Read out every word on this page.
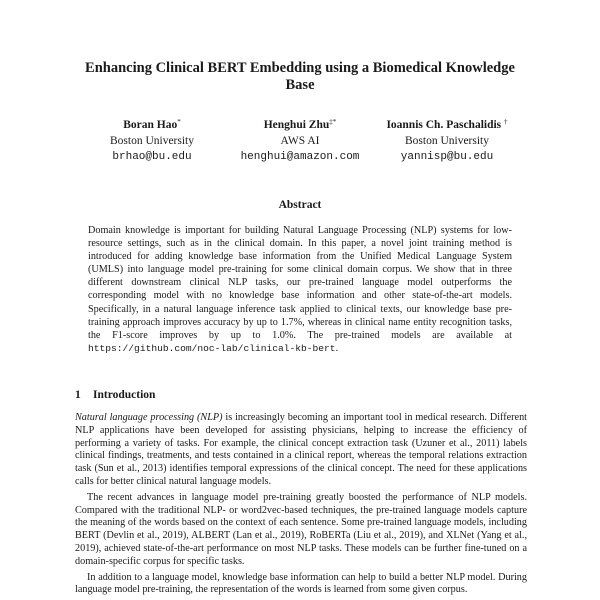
Enhancing Clinical BERT Embedding using a Biomedical Knowledge Base
Boran Hao*
Boston University
brhao@bu.edu
Henghui Zhu‡*
AWS AI
henghui@amazon.com
Ioannis Ch. Paschalidis †
Boston University
yannisp@bu.edu
Abstract
Domain knowledge is important for building Natural Language Processing (NLP) systems for low-resource settings, such as in the clinical domain. In this paper, a novel joint training method is introduced for adding knowledge base information from the Unified Medical Language System (UMLS) into language model pre-training for some clinical domain corpus. We show that in three different downstream clinical NLP tasks, our pre-trained language model outperforms the corresponding model with no knowledge base information and other state-of-the-art models. Specifically, in a natural language inference task applied to clinical texts, our knowledge base pre-training approach improves accuracy by up to 1.7%, whereas in clinical name entity recognition tasks, the F1-score improves by up to 1.0%. The pre-trained models are available at https://github.com/noc-lab/clinical-kb-bert.
1 Introduction

Natural language processing (NLP) is increasingly becoming an important tool in medical research. Different NLP applications have been developed for assisting physicians, helping to increase the efficiency of performing a variety of tasks. For example, the clinical concept extraction task (Uzuner et al., 2011) labels clinical findings, treatments, and tests contained in a clinical report, whereas the temporal relations extraction task (Sun et al., 2013) identifies temporal expressions of the clinical concept. The need for these applications calls for better clinical natural language models.

The recent advances in language model pre-training greatly boosted the performance of NLP models. Compared with the traditional NLP- or word2vec-based techniques, the pre-trained language models capture the meaning of the words based on the context of each sentence. Some pre-trained language models, including BERT (Devlin et al., 2019), ALBERT (Lan et al., 2019), RoBERTa (Liu et al., 2019), and XLNet (Yang et al., 2019), achieved state-of-the-art performance on most NLP tasks. These models can be further fine-tuned on a domain-specific corpus for specific tasks.

In addition to a language model, knowledge base information can help to build a better NLP model. During language model pre-training, the representation of the words is learned from some given corpus.
